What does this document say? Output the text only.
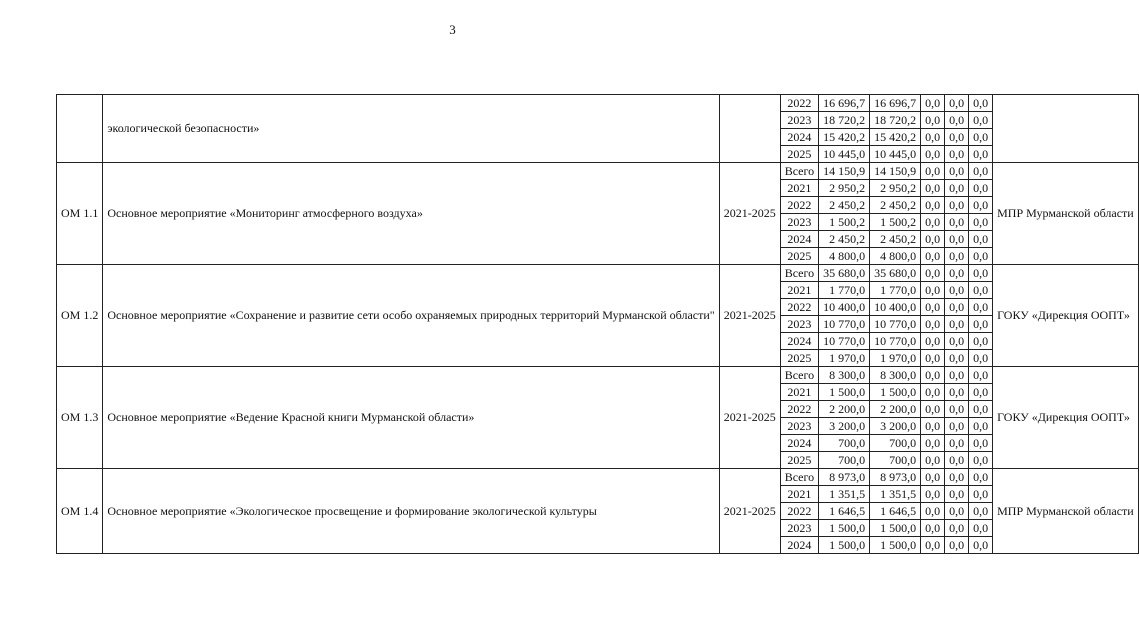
3
	экологической безопасности»		2022	16 696,7	16 696,7	0,0	0,0	0,0	
			2023	18 720,2	18 720,2	0,0	0,0	0,0	
			2024	15 420,2	15 420,2	0,0	0,0	0,0	
			2025	10 445,0	10 445,0	0,0	0,0	0,0	
ОМ 1.1	Основное мероприятие «Мониторинг атмосферного воздуха»	2021-2025	Всего	14 150,9	14 150,9	0,0	0,0	0,0	МПР Мурманской области
			2021	2 950,2	2 950,2	0,0	0,0	0,0	
			2022	2 450,2	2 450,2	0,0	0,0	0,0	
			2023	1 500,2	1 500,2	0,0	0,0	0,0	
			2024	2 450,2	2 450,2	0,0	0,0	0,0	
			2025	4 800,0	4 800,0	0,0	0,0	0,0	
ОМ 1.2	Основное мероприятие «Сохранение и развитие сети особо охраняемых природных территорий Мурманской области"	2021-2025	Всего	35 680,0	35 680,0	0,0	0,0	0,0	ГОКУ «Дирекция ООПТ»
			2021	1 770,0	1 770,0	0,0	0,0	0,0	
			2022	10 400,0	10 400,0	0,0	0,0	0,0	
			2023	10 770,0	10 770,0	0,0	0,0	0,0	
			2024	10 770,0	10 770,0	0,0	0,0	0,0	
			2025	1 970,0	1 970,0	0,0	0,0	0,0	
ОМ 1.3	Основное мероприятие «Ведение Красной книги Мурманской области»	2021-2025	Всего	8 300,0	8 300,0	0,0	0,0	0,0	ГОКУ «Дирекция ООПТ»
			2021	1 500,0	1 500,0	0,0	0,0	0,0	
			2022	2 200,0	2 200,0	0,0	0,0	0,0	
			2023	3 200,0	3 200,0	0,0	0,0	0,0	
			2024	700,0	700,0	0,0	0,0	0,0	
			2025	700,0	700,0	0,0	0,0	0,0	
ОМ 1.4	Основное мероприятие «Экологическое просвещение и формирование экологической культуры	2021-2025	Всего	8 973,0	8 973,0	0,0	0,0	0,0	МПР Мурманской области
			2021	1 351,5	1 351,5	0,0	0,0	0,0	
			2022	1 646,5	1 646,5	0,0	0,0	0,0	
			2023	1 500,0	1 500,0	0,0	0,0	0,0	
			2024	1 500,0	1 500,0	0,0	0,0	0,0	
